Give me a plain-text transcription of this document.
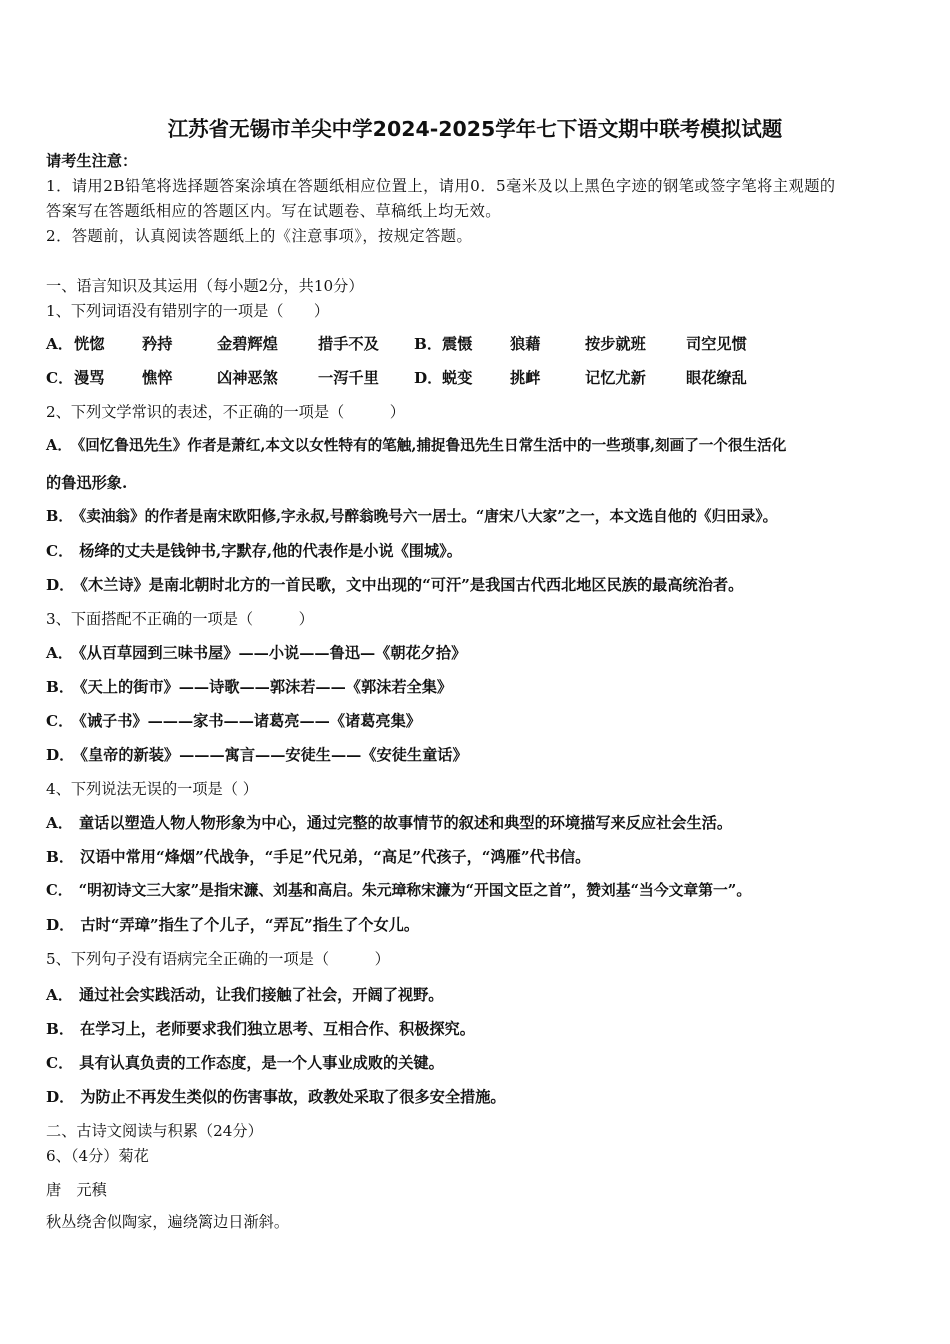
江苏省无锡市羊尖中学2024-2025学年七下语文期中联考模拟试题
请考生注意：
1．请用2B铅笔将选择题答案涂填在答题纸相应位置上，请用0．5毫米及以上黑色字迹的钢笔或签字笔将主观题的
答案写在答题纸相应的答题区内。写在试题卷、草稿纸上均无效。
2．答题前，认真阅读答题纸上的《注意事项》，按规定答题。
一、语言知识及其运用（每小题2分，共10分）
1、下列词语没有错别字的一项是（　　）
A． 恍惚 矜持	金碧辉煌	措手不及 B． 震慑 狼藉	按步就班	司空见惯
C． 漫骂 憔悴	凶神恶煞	一泻千里 D． 蜕变 挑衅	记忆尤新	眼花缭乱
2、下列文学常识的表述，不正确的一项是（　　　）
A． 《回忆鲁迅先生》作者是萧红,本文以女性特有的笔触,捕捉鲁迅先生日常生活中的一些琐事,刻画了一个很生活化
的鲁迅形象.
B． 《卖油翁》的作者是南宋欧阳修,字永叔,号醉翁晚号六一居士。“唐宋八大家”之一，本文选自他的《归田录》。
C． 杨绛的丈夫是钱钟书,字默存,他的代表作是小说《围城》。
D． 《木兰诗》是南北朝时北方的一首民歌，文中出现的“可汗”是我国古代西北地区民族的最高统治者。
3、下面搭配不正确的一项是（　　　）
A． 《从百草园到三味书屋》——小说——鲁迅—《朝花夕拾》
B． 《天上的街市》——诗歌——郭沫若——《郭沫若全集》
C． 《诫子书》———家书——诸葛亮——《诸葛亮集》
D． 《皇帝的新装》———寓言——安徒生——《安徒生童话》
4、下列说法无误的一项是（ ）
A． 童话以塑造人物人物形象为中心，通过完整的故事情节的叙述和典型的环境描写来反应社会生活。
B． 汉语中常用“烽烟”代战争，“手足”代兄弟，“高足”代孩子，“鸿雁”代书信。
C． “明初诗文三大家”是指宋濂、刘基和高启。朱元璋称宋濂为“开国文臣之首”，赞刘基“当今文章第一”。
D． 古时“弄璋”指生了个儿子，“弄瓦”指生了个女儿。
5、下列句子没有语病完全正确的一项是（　　　）
A． 通过社会实践活动，让我们接触了社会，开阔了视野。
B． 在学习上，老师要求我们独立思考、互相合作、积极探究。
C． 具有认真负责的工作态度，是一个人事业成败的关键。
D． 为防止不再发生类似的伤害事故，政教处采取了很多安全措施。
二、古诗文阅读与积累（24分）
6、（4分）菊花
唐　元稹
秋丛绕舍似陶家，遍绕篱边日渐斜。
